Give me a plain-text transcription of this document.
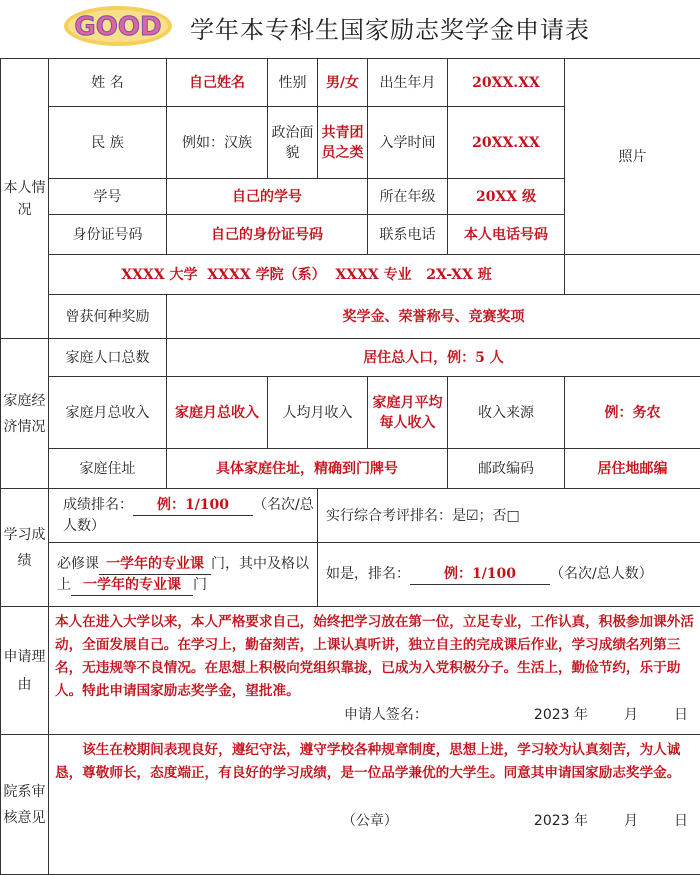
GOOD 学年本专科生国家励志奖学金申请表
本人情况	姓 名	自己姓名	性别	男/女	出生年月	20XX.XX	照片
	民 族	例如：汉族	政治面貌	共青团员之类	入学时间	20XX.XX	
	学号	自己的学号			所在年级	20XX 级	
	身份证号码	自己的身份证号码			联系电话	本人电话号码	
	XXXX 大学  XXXX 学院（系）  XXXX 专业   2X-XX 班						
	曾获何种奖励	奖学金、荣誉称号、竞赛奖项					
家庭经济情况	家庭人口总数	居住总人口，例：5 人					
	家庭月总收入	家庭月总收入	人均月收入		家庭月平均每人收入	收入来源	例：务农
	家庭住址	具体家庭住址，精确到门牌号				邮政编码	居住地邮编
学习成绩	成绩排名： 例：1/100 （名次/总人数）			实行综合考评排名：是☑；否□			
	必修课 一学年的专业课 门，其中及格以上 一学年的专业课 门			如是，排名： 例：1/100 （名次/总人数）			
申请理由	本人在进入大学以来，本人严格要求自己，始终把学习放在第一位，立足专业，工作认真，积极参加课外活动，全面发展自己。在学习上，勤奋刻苦，上课认真听讲，独立自主的完成课后作业，学习成绩名列第三名，无违规等不良情况。在思想上积极向党组织靠拢，已成为入党积极分子。生活上，勤俭节约，乐于助人。特此申请国家励志奖学金，望批准。
申请人签名： 2023 年 月 日						

院系审核意见	该生在校期间表现良好，遵纪守法，遵守学校各种规章制度，思想上进，学习较为认真刻苦，为人诚恳，尊敬师长，态度端正，有良好的学习成绩，是一位品学兼优的大学生。同意其申请国家励志奖学金。
（公章） 2023 年 月 日						
